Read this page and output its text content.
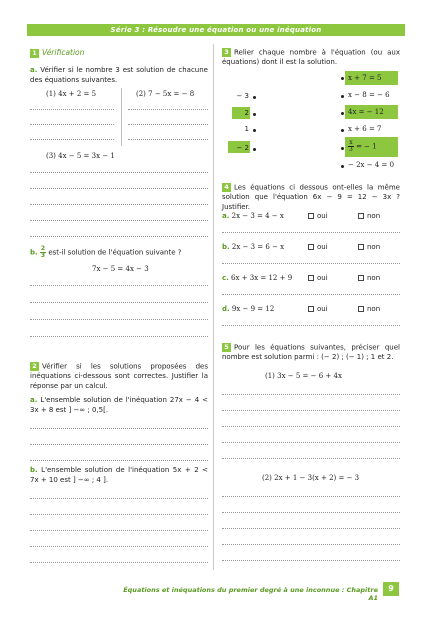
Série 3 : Résoudre une équation ou une inéquation
1 Vérification
a. Vérifier si le nombre 3 est solution de chacune des équations suivantes.
(1) 4x + 2 = 5	(2) 7 − 5x = − 8
(3) 4x − 5 = 3x − 1
b. $\frac{2}{3} est-il$ solution de l'équation suivante ?
7x − 5 = 4x − 3
2 Vérifier si les solutions proposées des inéquations ci-dessous sont correctes. Justifier la réponse par un calcul.
a. L'ensemble solution de l'inéquation 27x − 4 < 3x + 8 est ] −∞ ; 0,5[.
b. L'ensemble solution de l'inéquation 5x + 2 < 7x + 10 est ] −∞ ; 4 ].
3 Relier chaque nombre à l'équation (ou aux équations) dont il est la solution.
− 3
2
1
− 2
x + 7 = 5
x − 8 = − 6
4x = − 12
x + 6 = 7
$\frac{x}{3}$ = − 1
− 2x − 4 = 0
4 Les équations ci dessous ont-elles la même solution que l'équation 6x − 9 = 12 − 3x ? Justifier.
a. 2x − 3 = 4 − x	oui	non
b. 2x − 3 = 6 − x	oui	non
c. 6x + 3x = 12 + 9	oui	non
d. 9x − 9 = 12	oui	non
5 Pour les équations suivantes, préciser quel nombre est solution parmi : (− 2) ; (− 1) ; 1 et 2.
(1) 3x − 5 = − 6 + 4x
(2) 2x + 1 − 3(x + 2) = − 3
Équations et inéquations du premier degré à une inconnue : Chapitre A1
9
